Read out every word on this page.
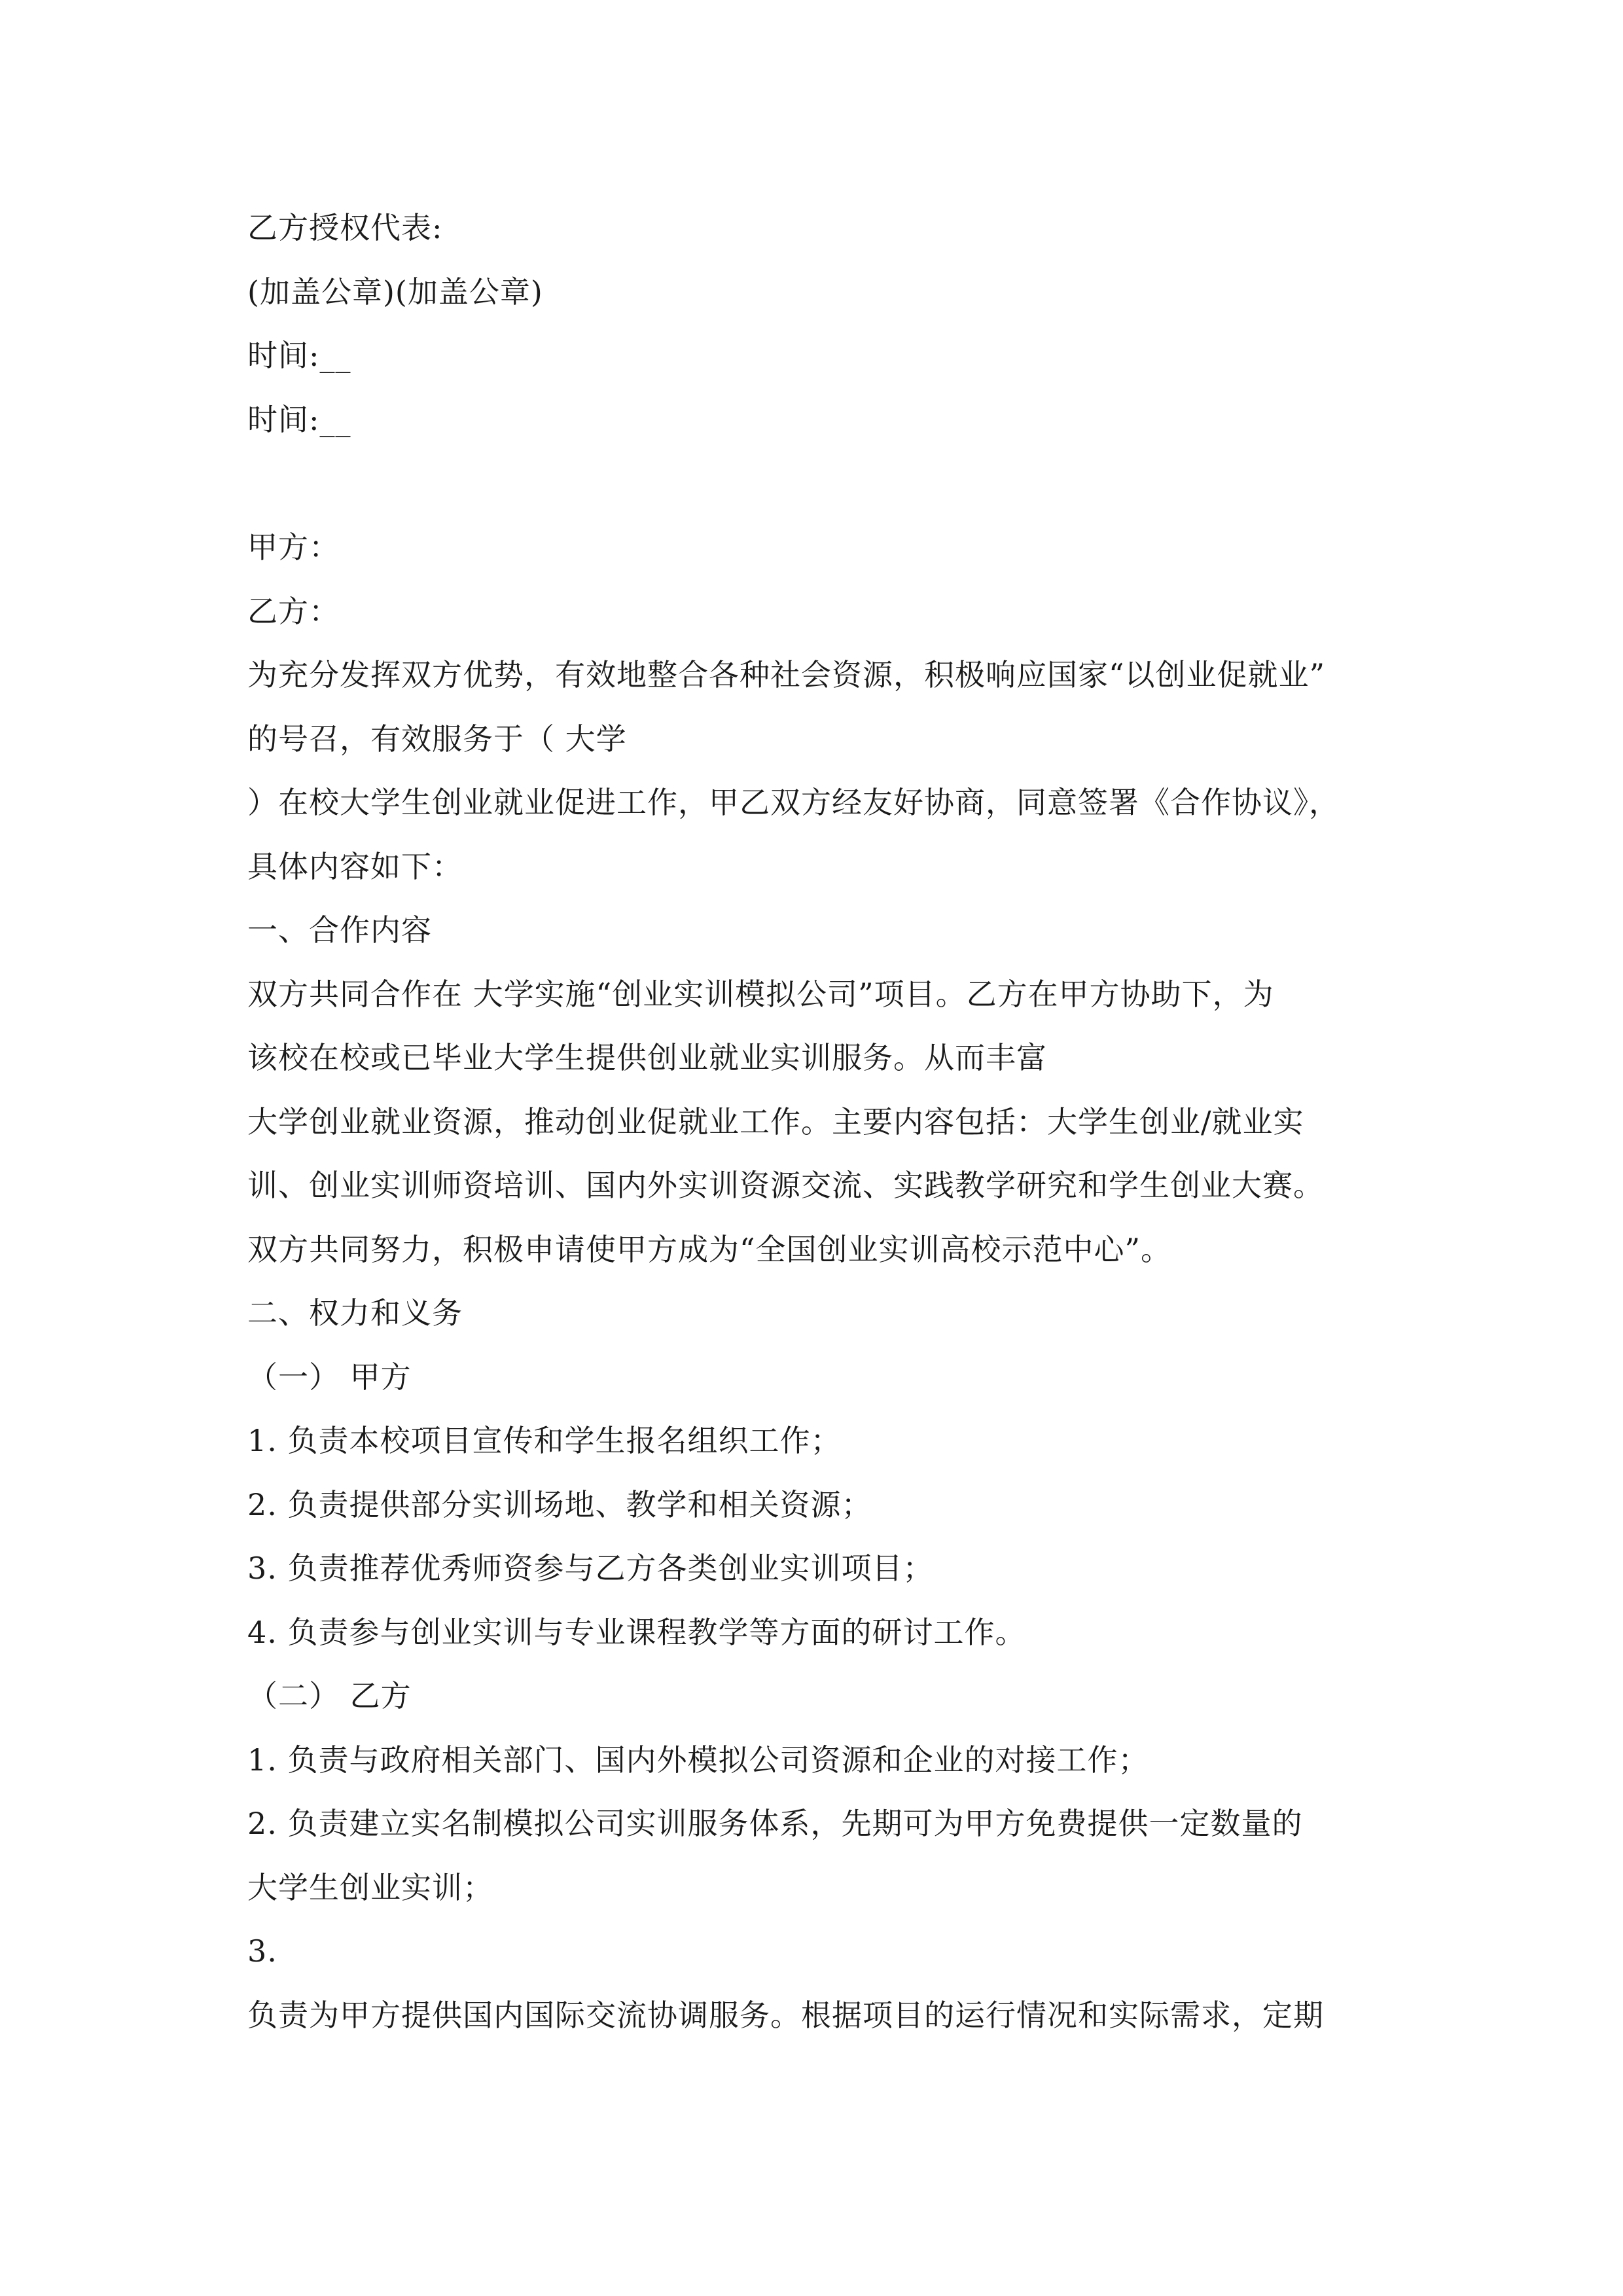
乙方授权代表:

(加盖公章)(加盖公章)

时间:__

时间:__

甲方：

乙方：

为充分发挥双方优势，有效地整合各种社会资源，积极响应国家“以创业促就业”

的号召，有效服务于（ 大学

）在校大学生创业就业促进工作，甲乙双方经友好协商，同意签署《合作协议》，

具体内容如下：

一、合作内容

双方共同合作在 大学实施“创业实训模拟公司”项目。乙方在甲方协助下，为

该校在校或已毕业大学生提供创业就业实训服务。从而丰富

大学创业就业资源，推动创业促就业工作。主要内容包括：大学生创业/就业实

训、创业实训师资培训、国内外实训资源交流、实践教学研究和学生创业大赛。

双方共同努力，积极申请使甲方成为“全国创业实训高校示范中心”。

二、权力和义务

（一） 甲方

1. 负责本校项目宣传和学生报名组织工作；

2. 负责提供部分实训场地、教学和相关资源；

3. 负责推荐优秀师资参与乙方各类创业实训项目；

4. 负责参与创业实训与专业课程教学等方面的研讨工作。

（二） 乙方

1. 负责与政府相关部门、国内外模拟公司资源和企业的对接工作；

2. 负责建立实名制模拟公司实训服务体系，先期可为甲方免费提供一定数量的

大学生创业实训；

3.

负责为甲方提供国内国际交流协调服务。根据项目的运行情况和实际需求，定期
